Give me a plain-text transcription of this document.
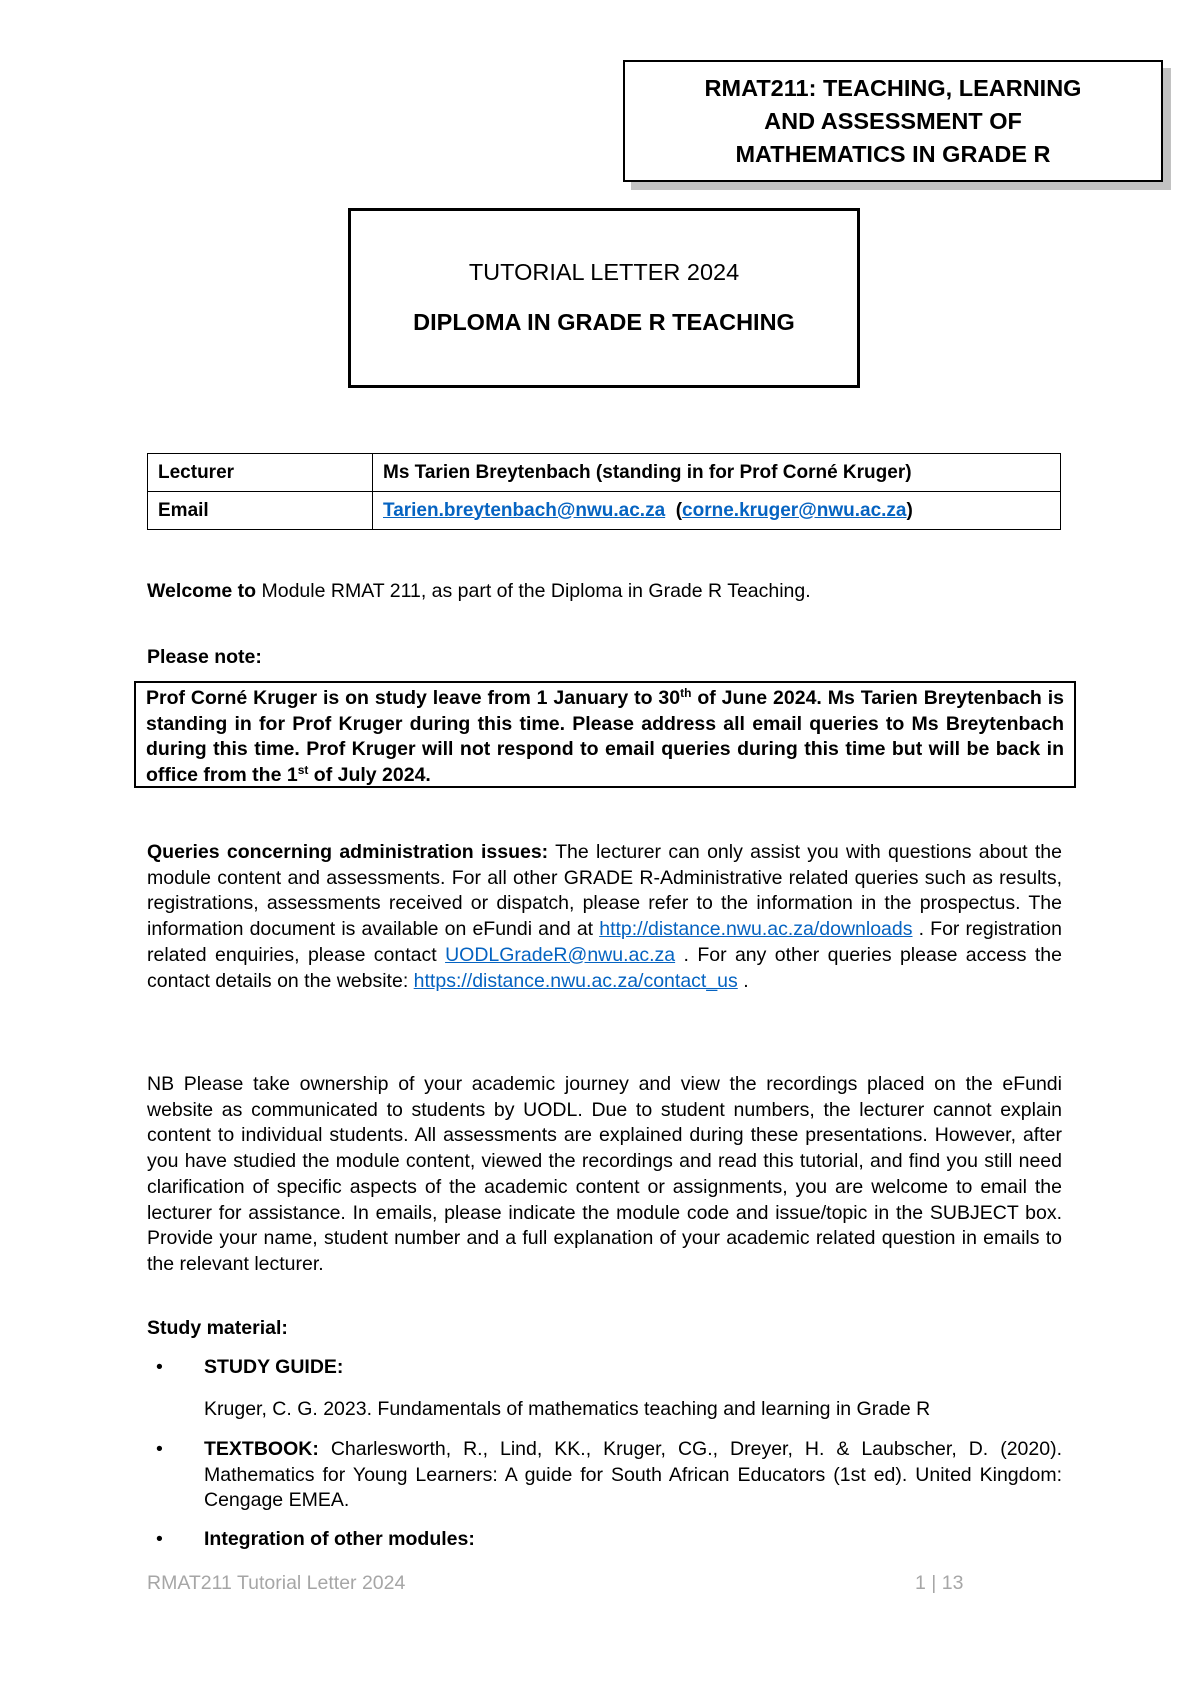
RMAT211: TEACHING, LEARNING
AND ASSESSMENT OF
MATHEMATICS IN GRADE R
TUTORIAL LETTER 2024
DIPLOMA IN GRADE R TEACHING
Lecturer	Ms Tarien Breytenbach (standing in for Prof Corné Kruger)
Email	Tarien.breytenbach@nwu.ac.za (corne.kruger@nwu.ac.za)
Welcome to Module RMAT 211, as part of the Diploma in Grade R Teaching.
Please note:
Prof Corné Kruger is on study leave from 1 January to 30th of June 2024. Ms Tarien Breytenbach is standing in for Prof Kruger during this time. Please address all email queries to Ms Breytenbach during this time. Prof Kruger will not respond to email queries during this time but will be back in office from the 1st of July 2024.
Queries concerning administration issues: The lecturer can only assist you with questions about the module content and assessments. For all other GRADE R-Administrative related queries such as results, registrations, assessments received or dispatch, please refer to the information in the prospectus. The information document is available on eFundi and at http://distance.nwu.ac.za/downloads . For registration related enquiries, please contact UODLGradeR@nwu.ac.za . For any other queries please access the contact details on the website: https://distance.nwu.ac.za/contact_us .
NB Please take ownership of your academic journey and view the recordings placed on the eFundi website as communicated to students by UODL. Due to student numbers, the lecturer cannot explain content to individual students. All assessments are explained during these presentations. However, after you have studied the module content, viewed the recordings and read this tutorial, and find you still need clarification of specific aspects of the academic content or assignments, you are welcome to email the lecturer for assistance. In emails, please indicate the module code and issue/topic in the SUBJECT box. Provide your name, student number and a full explanation of your academic related question in emails to the relevant lecturer.
Study material:
• STUDY GUIDE:
Kruger, C. G. 2023. Fundamentals of mathematics teaching and learning in Grade R
• TEXTBOOK: Charlesworth, R., Lind, KK., Kruger, CG., Dreyer, H. & Laubscher, D. (2020). Mathematics for Young Learners: A guide for South African Educators (1st ed). United Kingdom: Cengage EMEA.
• Integration of other modules:
RMAT211 Tutorial Letter 2024	1 | 13
